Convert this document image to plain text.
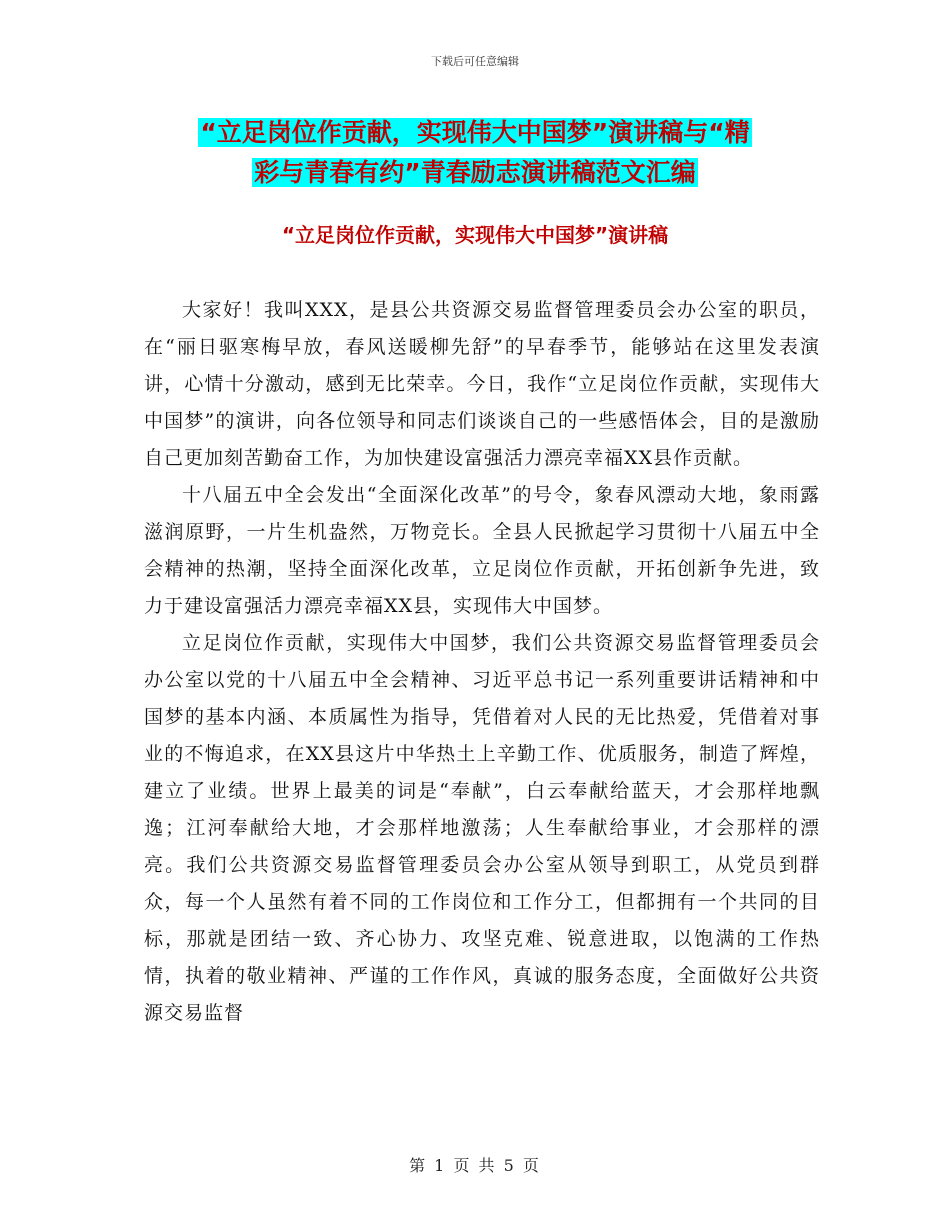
下载后可任意编辑
“立足岗位作贡献，实现伟大中国梦”演讲稿与“精
彩与青春有约”青春励志演讲稿范文汇编
“立足岗位作贡献，实现伟大中国梦”演讲稿

大家好！我叫XXX，是县公共资源交易监督管理委员会办公室的职员，在“丽日驱寒梅早放，春风送暖柳先舒”的早春季节，能够站在这里发表演讲，心情十分激动，感到无比荣幸。今日，我作“立足岗位作贡献，实现伟大中国梦”的演讲，向各位领导和同志们谈谈自己的一些感悟体会，目的是激励自己更加刻苦勤奋工作，为加快建设富强活力漂亮幸福XX县作贡献。

十八届五中全会发出“全面深化改革”的号令，象春风漂动大地，象雨露滋润原野，一片生机盎然，万物竞长。全县人民掀起学习贯彻十八届五中全会精神的热潮，坚持全面深化改革，立足岗位作贡献，开拓创新争先进，致力于建设富强活力漂亮幸福XX县，实现伟大中国梦。

立足岗位作贡献，实现伟大中国梦，我们公共资源交易监督管理委员会办公室以党的十八届五中全会精神、习近平总书记一系列重要讲话精神和中国梦的基本内涵、本质属性为指导，凭借着对人民的无比热爱，凭借着对事业的不悔追求，在XX县这片中华热土上辛勤工作、优质服务，制造了辉煌，建立了业绩。世界上最美的词是“奉献”，白云奉献给蓝天，才会那样地飘逸；江河奉献给大地，才会那样地激荡；人生奉献给事业，才会那样的漂亮。我们公共资源交易监督管理委员会办公室从领导到职工，从党员到群众，每一个人虽然有着不同的工作岗位和工作分工，但都拥有一个共同的目标，那就是团结一致、齐心协力、攻坚克难、锐意进取，以饱满的工作热情，执着的敬业精神、严谨的工作作风，真诚的服务态度，全面做好公共资源交易监督

第 1 页 共 5 页
